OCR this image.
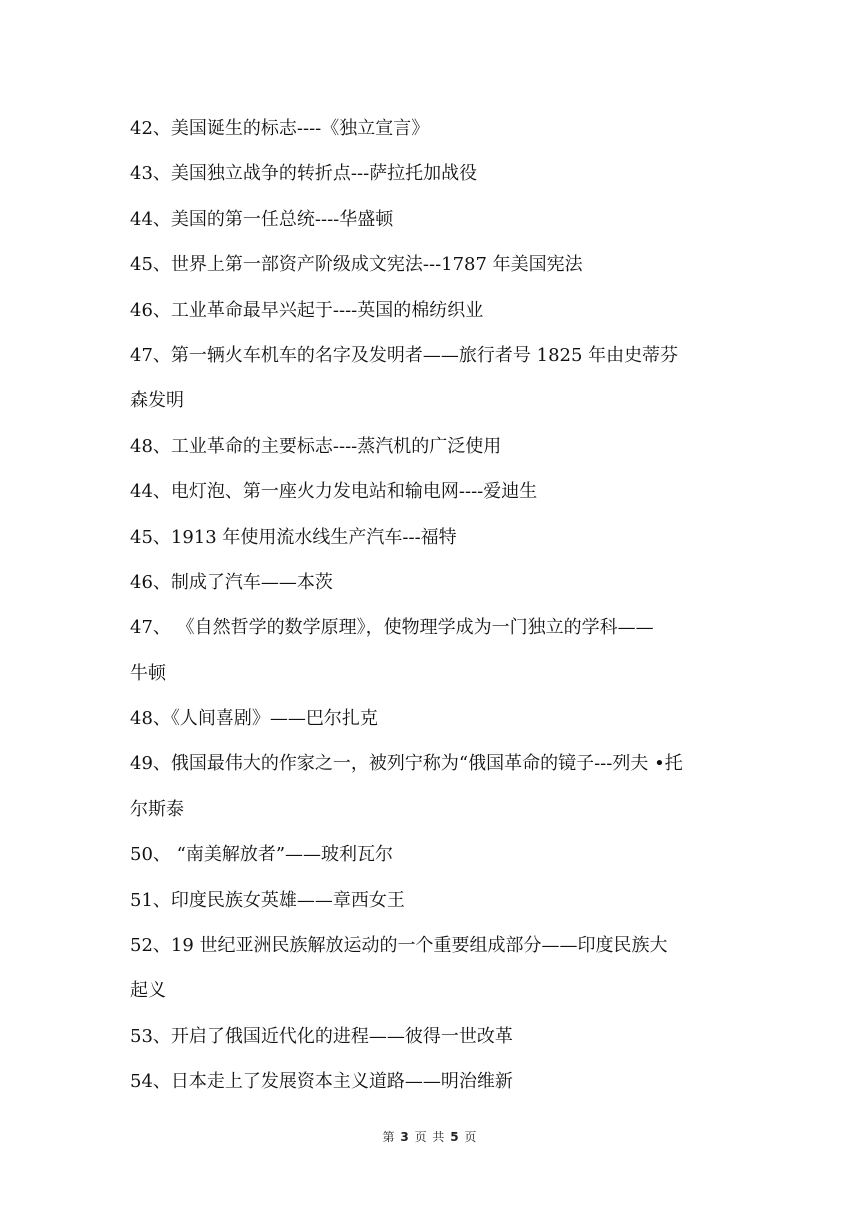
42、美国诞生的标志----《独立宣言》
43、美国独立战争的转折点---萨拉托加战役
44、美国的第一任总统----华盛顿
45、世界上第一部资产阶级成文宪法---1787 年美国宪法
46、工业革命最早兴起于----英国的棉纺织业
47、第一辆火车机车的名字及发明者——旅行者号 1825 年由史蒂芬
森发明
48、工业革命的主要标志----蒸汽机的广泛使用
44、电灯泡、第一座火力发电站和输电网----爱迪生
45、1913 年使用流水线生产汽车---福特
46、制成了汽车——本茨
47、 《自然哲学的数学原理》，使物理学成为一门独立的学科——
牛顿
48、《人间喜剧》——巴尔扎克
49、俄国最伟大的作家之一，被列宁称为“俄国革命的镜子---列夫 •托
尔斯泰
50、 “南美解放者”——玻利瓦尔
51、印度民族女英雄——章西女王
52、19 世纪亚洲民族解放运动的一个重要组成部分——印度民族大
起义
53、开启了俄国近代化的进程——彼得一世改革
54、日本走上了发展资本主义道路——明治维新
第 3 页 共 5 页
